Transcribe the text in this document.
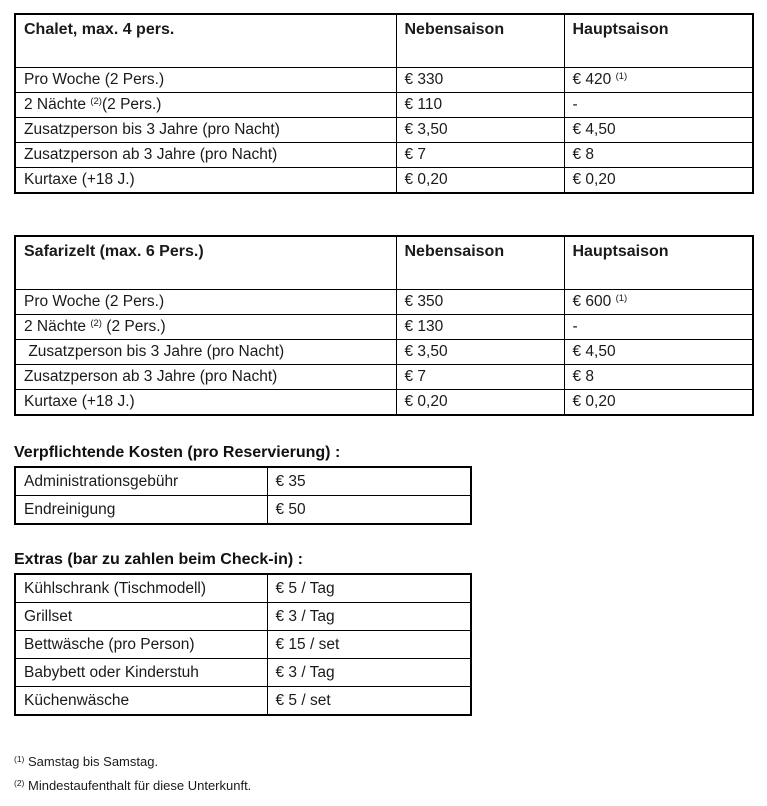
Chalet, max. 4 pers.	Nebensaison	Hauptsaison
Pro Woche (2 Pers.)	€ 330	€ 420 $^{(1)}$
2 Nächte $^{(2)}$(2 Pers.)	€ 110	-
Zusatzperson bis 3 Jahre (pro Nacht)	€ 3,50	€ 4,50
Zusatzperson ab 3 Jahre (pro Nacht)	€ 7	€ 8
Kurtaxe (+18 J.)	€ 0,20	€ 0,20
Safarizelt (max. 6 Pers.)	Nebensaison	Hauptsaison
Pro Woche (2 Pers.)	€ 350	€ 600 $^{(1)}$
2 Nächte $^{(2)}$ (2 Pers.)	€ 130	-
Zusatzperson bis 3 Jahre (pro Nacht)	€ 3,50	€ 4,50
Zusatzperson ab 3 Jahre (pro Nacht)	€ 7	€ 8
Kurtaxe (+18 J.)	€ 0,20	€ 0,20
Verpflichtende Kosten (pro Reservierung) :
Administrationsgebühr	€ 35
Endreinigung	€ 50
Extras (bar zu zahlen beim Check-in) :
Kühlschrank (Tischmodell)	€ 5 / Tag
Grillset	€ 3 / Tag
Bettwäsche (pro Person)	€ 15 / set
Babybett oder Kinderstuh	€ 3 / Tag
Küchenwäsche	€ 5 / set

$^{(1)}$ Samstag bis Samstag.

$^{(2)}$ Mindestaufenthalt für diese Unterkunft.
